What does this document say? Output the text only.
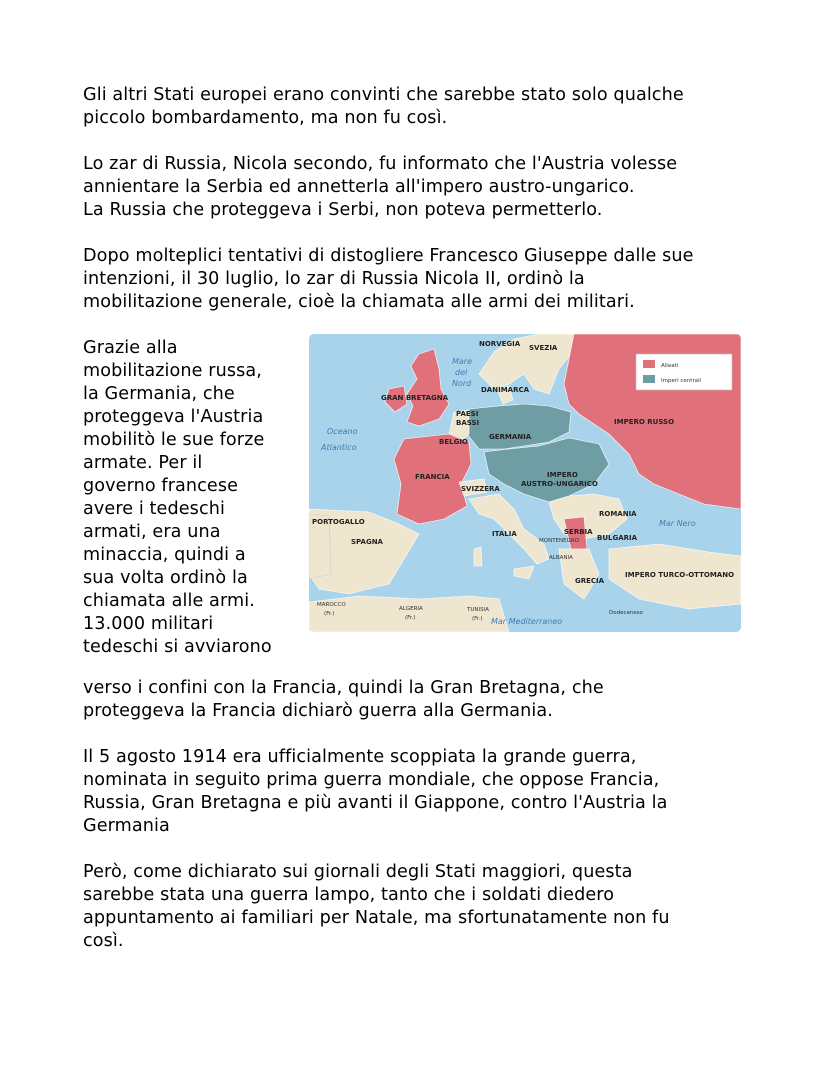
Gli altri Stati europei erano convinti che sarebbe stato solo qualche
piccolo bombardamento, ma non fu così.

Lo zar di Russia, Nicola secondo, fu informato che l'Austria volesse
annientare la Serbia ed annetterla all'impero austro-ungarico.
La Russia che proteggeva i Serbi, non poteva permetterlo.

Dopo molteplici tentativi di distogliere Francesco Giuseppe dalle sue
intenzioni, il 30 luglio, lo zar di Russia Nicola II, ordinò la
mobilitazione generale, cioè la chiamata alle armi dei militari.

Grazie alla
mobilitazione russa,
la Germania, che
proteggeva l'Austria
mobilitò le sue forze
armate. Per il
governo francese
avere i tedeschi
armati, era una
minaccia, quindi a
sua volta ordinò la
chiamata alle armi.
13.000 militari
tedeschi si avviarono

Alleati
Imperi centrali
NORVEGIA SVEZIA
Mare
del
Nord
DANIMARCA
GRAN BRETAGNA
PAESI
BASSI
BELGIO
GERMANIA
IMPERO RUSSO
Oceano
Atlantico
FRANCIA
SVIZZERA
IMPERO
AUSTRO-UNGARICO
ROMANIA
Mar Nero
PORTOGALLO
SPAGNA
ITALIA	SERBIA
MONTENEGRO	BULGARIA
ALBANIA
IMPERO TURCO-OTTOMANO
GRECIA
MAROCCO
(Fr.)
ALGERIA
(Fr.)
TUNISIA
(Fr.) Mar Mediterraneo
Dodecaneso

verso i confini con la Francia, quindi la Gran Bretagna, che
proteggeva la Francia dichiarò guerra alla Germania.

Il 5 agosto 1914 era ufficialmente scoppiata la grande guerra,
nominata in seguito prima guerra mondiale, che oppose Francia,
Russia, Gran Bretagna e più avanti il Giappone, contro l'Austria la
Germania

Però, come dichiarato sui giornali degli Stati maggiori, questa
sarebbe stata una guerra lampo, tanto che i soldati diedero
appuntamento ai familiari per Natale, ma sfortunatamente non fu
così.
